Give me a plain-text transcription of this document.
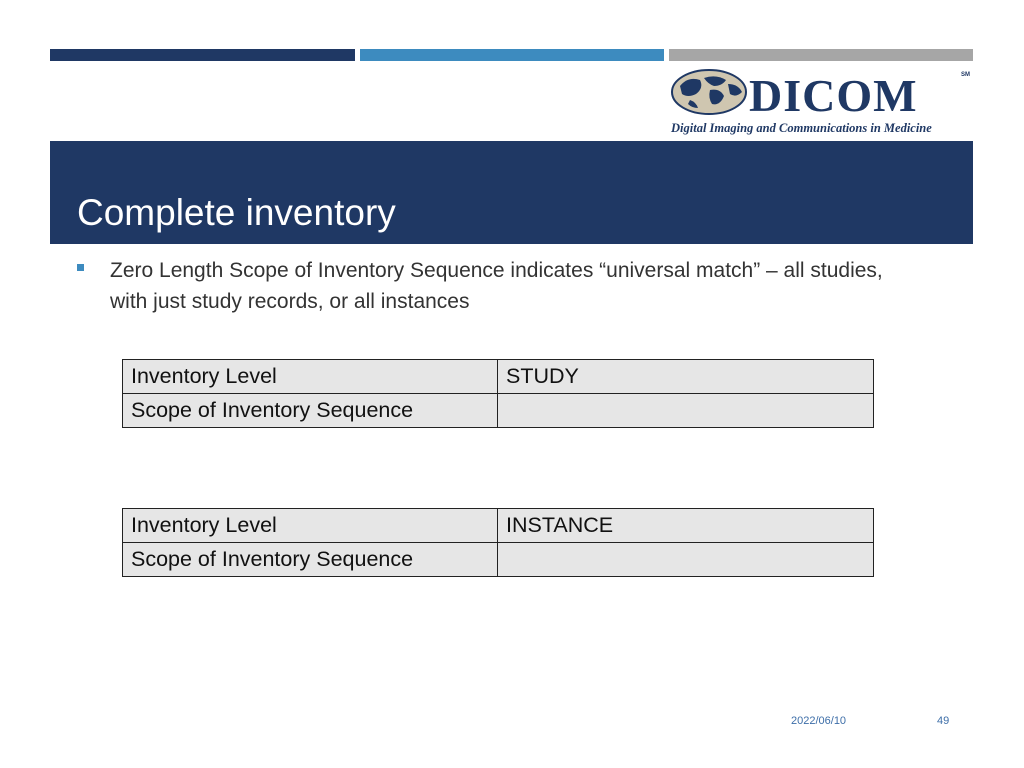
DICOM	SM
Digital Imaging and Communications in Medicine
Complete inventory

Zero Length Scope of Inventory Sequence indicates “universal match” – all studies, with just study records, or all instances

Inventory Level	STUDY
Scope of Inventory Sequence	
Inventory Level	INSTANCE
Scope of Inventory Sequence	
2022/06/10	49
